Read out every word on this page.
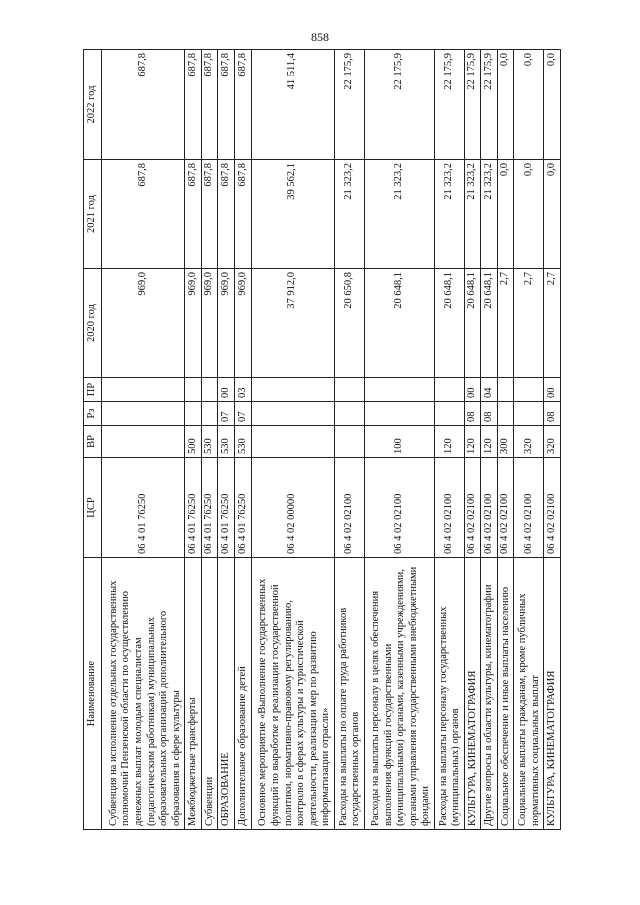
858
Наименование	ЦСР	ВР	Рз	ПР	2020 год	2021 год	2022 год
Субвенция на исполнение отдельных государственных полномочий Пензенской области по осуществлению денежных выплат молодым специалистам (педагогическим работникам) муниципальных образовательных организаций дополнительного образования в сфере культуры	06 4 01 76250				969,0	687,8	687,8
Межбюджетные трансферты	06 4 01 76250	500			969,0	687,8	687,8
Субвенции	06 4 01 76250	530			969,0	687,8	687,8
ОБРАЗОВАНИЕ	06 4 01 76250	530	07	00	969,0	687,8	687,8
Дополнительное образование детей	06 4 01 76250	530	07	03	969,0	687,8	687,8
Основное мероприятие «Выполнение государственных функций по выработке и реализации государственной политики, нормативно-правовому регулированию, контролю в сферах культуры и туристической деятельности, реализации мер по развитию информатизации отрасли»	06 4 02 00000				37 912,0	39 562,1	41 511,4
Расходы на выплаты по оплате труда работников государственных органов	06 4 02 02100				20 650,8	21 323,2	22 175,9
Расходы на выплаты персоналу в целях обеспечения выполнения функций государственными (муниципальными) органами, казенными учреждениями, органами управления государственными внебюджетными фондами	06 4 02 02100	100			20 648,1	21 323,2	22 175,9
Расходы на выплаты персоналу государственных (муниципальных) органов	06 4 02 02100	120			20 648,1	21 323,2	22 175,9
КУЛЬТУРА, КИНЕМАТОГРАФИЯ	06 4 02 02100	120	08	00	20 648,1	21 323,2	22 175,9
Другие вопросы в области культуры, кинематографии	06 4 02 02100	120	08	04	20 648,1	21 323,2	22 175,9
Социальное обеспечение и иные выплаты населению	06 4 02 02100	300			2,7	0,0	0,0
Социальные выплаты гражданам, кроме публичных нормативных социальных выплат	06 4 02 02100	320			2,7	0,0	0,0
КУЛЬТУРА, КИНЕМАТОГРАФИЯ	06 4 02 02100	320	08	00	2,7	0,0	0,0
